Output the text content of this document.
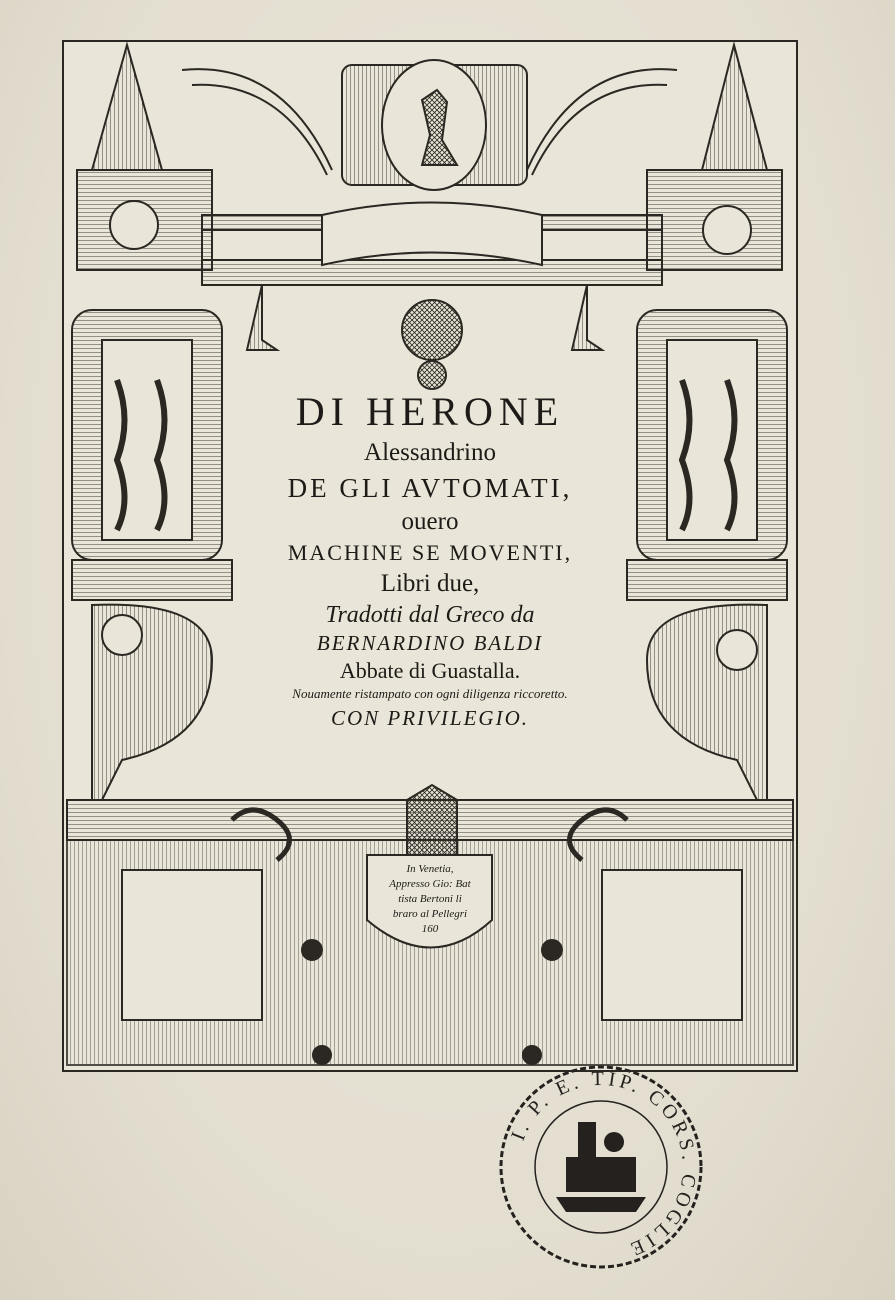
DI HERONE
Alessandrino
DE GLI AVTOMATI,
ouero
MACHINE SE MOVENTI,
Libri due,
Tradotti dal Greco da
BERNARDINO BALDI
Abbate di Guastalla.
Nouamente ristampato con ogni diligenza riccoretto.
CON PRIVILEGIO.
In Venetia,
Appresso Gio: Bat
tista Bertoni li
braro al Pellegri
160
I. P. E. TIP. CORS. COGLIE
